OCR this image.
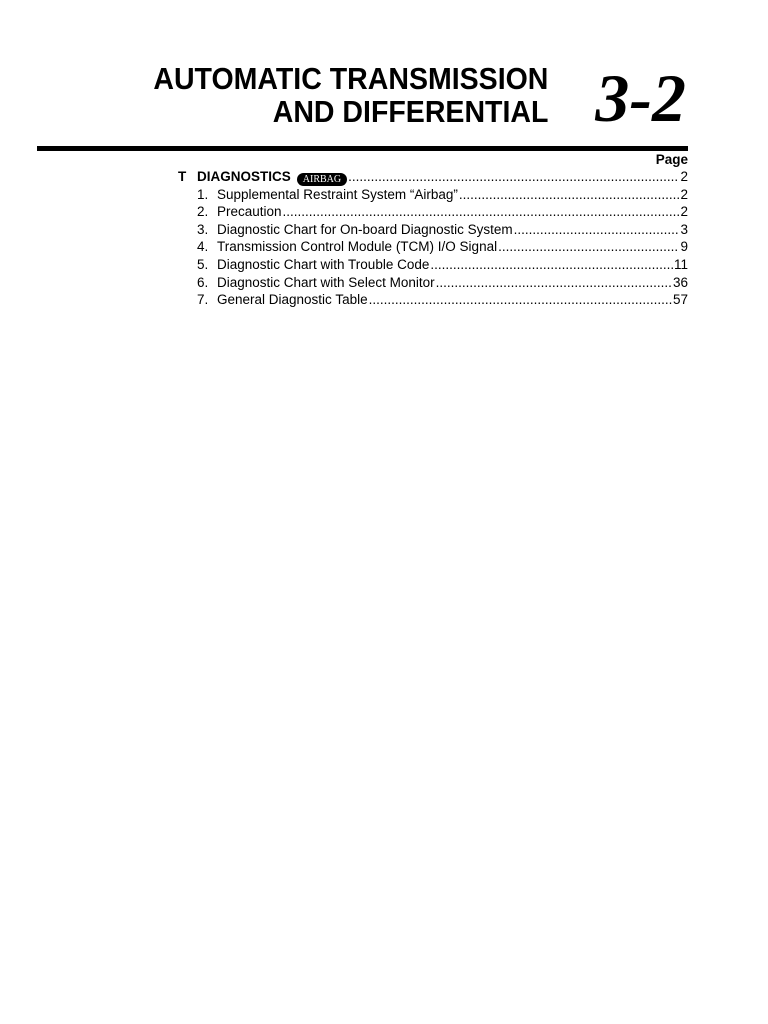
AUTOMATIC TRANSMISSION
AND DIFFERENTIAL 3-2
Page
T DIAGNOSTICS	AIRBAG .....	2
1. Supplemental Restraint System “Airbag” .....	2
2. Precaution .....	2
3. Diagnostic Chart for On-board Diagnostic System .....	3
4. Transmission Control Module (TCM) I/O Signal .....	9
5. Diagnostic Chart with Trouble Code .....	11
6. Diagnostic Chart with Select Monitor .....	36
7. General Diagnostic Table .....	57
